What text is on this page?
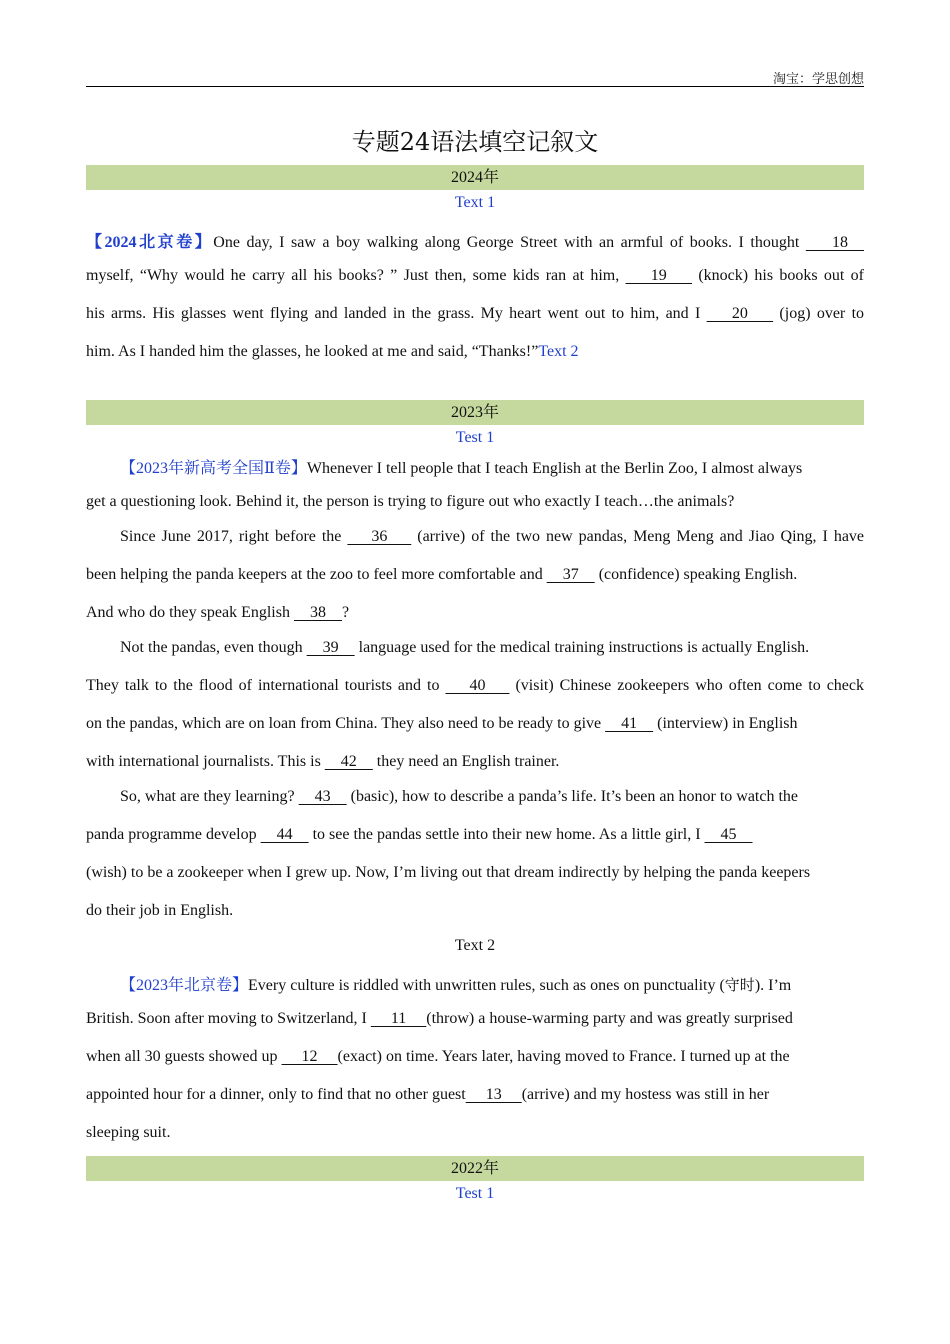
淘宝：学思创想
专题24语法填空记叙文
2024年
Text 1
【2024北京卷】One day, I saw a boy walking along George Street with an armful of books. I thought     18
myself, “Why would he carry all his books? ” Just then, some kids ran at him,     19     (knock) his books out of
his arms. His glasses went flying and landed in the grass. My heart went out to him, and I     20     (jog) over to
him. As I handed him the glasses, he looked at me and said, “Thanks!”Text 2
2023年
Test 1
【2023年新高考全国Ⅱ卷】Whenever I tell people that I teach English at the Berlin Zoo, I almost always
get a questioning look. Behind it, the person is trying to figure out who exactly I teach…the animals?
Since June 2017, right before the     36     (arrive) of the two new pandas, Meng Meng and Jiao Qing, I have
been helping the panda keepers at the zoo to feel more comfortable and     37     (confidence) speaking English.
And who do they speak English     38    ?
Not the pandas, even though     39     language used for the medical training instructions is actually English.
They talk to the flood of international tourists and to     40     (visit) Chinese zookeepers who often come to check
on the pandas, which are on loan from China. They also need to be ready to give     41     (interview) in English
with international journalists. This is     42     they need an English trainer.
So, what are they learning?     43     (basic), how to describe a panda’s life. It’s been an honor to watch the
panda programme develop     44     to see the pandas settle into their new home. As a little girl, I     45
(wish) to be a zookeeper when I grew up. Now, I’m living out that dream indirectly by helping the panda keepers
do their job in English.
Text 2
【2023年北京卷】Every culture is riddled with unwritten rules, such as ones on punctuality (守时). I’m
British. Soon after moving to Switzerland, I      11     (throw) a house-warming party and was greatly surprised
when all 30 guests showed up      12     (exact) on time. Years later, having moved to France. I turned up at the
appointed hour for a dinner, only to find that no other guest     13     (arrive) and my hostess was still in her
sleeping suit.
2022年
Test 1
